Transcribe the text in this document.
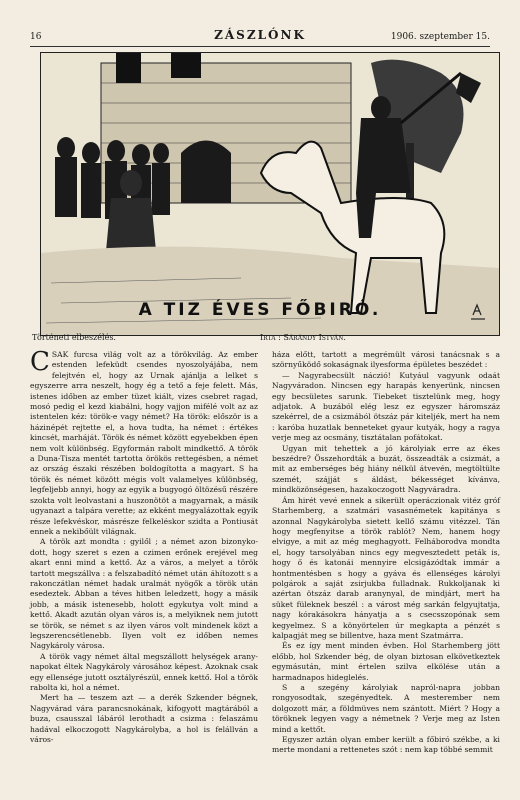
16	ZÁSZLÓNK	1906. szeptember 15.
A TIZ ÉVES FŐBIRÓ.
Történeti elbeszélés.	Irta : Sárándy István.

CSAK furcsa világ volt az a törökvilág. Az ember estenden lefeküdt csendes nyoszolyájába, nem felejtvén el, hogy az Urnak ajánlja a lelket s egyszerre arra neszelt, hogy ég a tető a feje felett. Más, istenes időben az ember tüzet kiált, vizes csebret ragad, mosó pedig el kezd kiabálni, hogy vajjon mifélé volt az az istentelen kéz: török-e vagy német? Ha török: először is a házinépét rejtette el, a hova tudta, ha német : értékes kincsét, marháját. Török és német között egyebekben épen nem volt különbség. Egyformán rabolt mindkettő. A török a Duna-Tisza mentét tartotta örökös rettegésben, a német az ország északi részében boldogította a magyart. S ha török és német között mégis volt valamelyes különbség, legfeljebb annyi, hogy az egyik a bugyogó öltözésű részére szokta volt leolvastani a huszonötöt a magyarnak, a másik ugyanazt a talpára verette; az ekként megyalázottak egyik része lefekvéskor, másrésze felkeléskor szidta a Pontiusát ennek a nekibőült világnak.

A török azt mondta : gyilől ; a német azon bizonyko-dott, hogy szeret s ezen a czimen erőnek erejével meg akart enni mind a kettő. Az a város, a melyet a török tartott megszállva : a felszabadító német után áhítozott s a rakonczátlan német hadak uralmát nyögők a török után esedeztek. Abban a téves hitben leledzett, hogy a másik jobb, a másik istenesebb, holott egykutya volt mind a kettő. Akadt azután olyan város is, a melyiknek nem jutott se török, se német s az ilyen város volt mindenek közt a legszerencsétlenebb. Ilyen volt ez időben nemes Nagykároly városa.

A török vagy német által megszállott helységek arany-napokat éltek Nagykároly városához képest. Azoknak csak egy ellensége jutott osztályrészül, ennek kettő. Hol a török rabolta ki, hol a német.

Mert ha — teszem azt — a derék Szkender bégnek, Nagyvárad vára parancsnokának, kifogyott magtárából a buza, csausszal lábáról lerothadt a csizma : felaszámu hadával elkoczogott Nagykárolyba, a hol is felállván a város-

háza előtt, tartott a megrémült városi tanácsnak s a szörnyűködő sokaságnak ilyesforma épületes beszédet :

— Nagyrabecsült náczió! Kutyául vagyunk odaát Nagyváradon. Nincsen egy harapás kenyerünk, nincsen egy becsületes sarunk. Tiebeket tisztelünk meg, hogy adjatok. A buzából elég lesz ez egyszer háromszáz szekérrel, de a csizmából ötszáz pár kiteljék, mert ha nem : karóba huzatlak benneteket gyaur kutyák, hogy a ragya verje meg az ocsmány, tisztátalan pofátokat.

Ugyan mit tehettek a jó károlyiak erre az ékes beszédre? Összehordták a buzát, összeadták a csizmát, a mit az emberséges bég hiány nélkül átvevén, megtöltülte szemét, szájját s áldást, békességet kívánva, mindközönségesen, hazakoczogott Nagyváradra.

Ám hirét vevé ennek a sikerült operáczionak vitéz gróf Starhemberg, a szatmári vasasnémetek kapitánya s azonnal Nagykárolyba sietett kellő számu vitézzel. Tán hogy megfenyitse a török rablót? Nem, hanem hogy elvigye, a mit az még meghagyott. Felháborodva mondta el, hogy tarsolyában nincs egy megvesztedett peták is, hogy ő és katonái mennyire elcsigázódtak immár a hontmentésben s hogy a gyáva és ellenséges károlyi polgárok a saját zsirjukba fulladnak. Rukkoljanak ki azértan ötszáz darab aranynyal, de mindjárt, mert ha süket füleknek beszél : a várost még sarkán felgyujtatja, nagy kórakásokra hányatja a s csecsszopónak sem kegyelmez. S a könyörteleп úr megkapta a pénzét s kalpagját meg se billentve, haza ment Szatmárra.

És ez így ment minden évben. Hol Starhemberg jött előbb, hol Szkender bég, de olyan biztosan elkövetkeztek egymásután, mint értelen szilva elkölése után a harmadnapos hideglelés.

S a szegény károlyiak napról-napra jobban rongyosodtak, szegényedtek. A mesterember nem dolgozott már, a földmüves nem szántott. Miért ? Hogy a töröknek legyen vagy a németnek ? Verje meg az Isten mind a kettőt.

Egyszer aztán olyan ember került a főbiró székbe, a ki merte mondani a rettenetes szót : nem kap többé semmit
